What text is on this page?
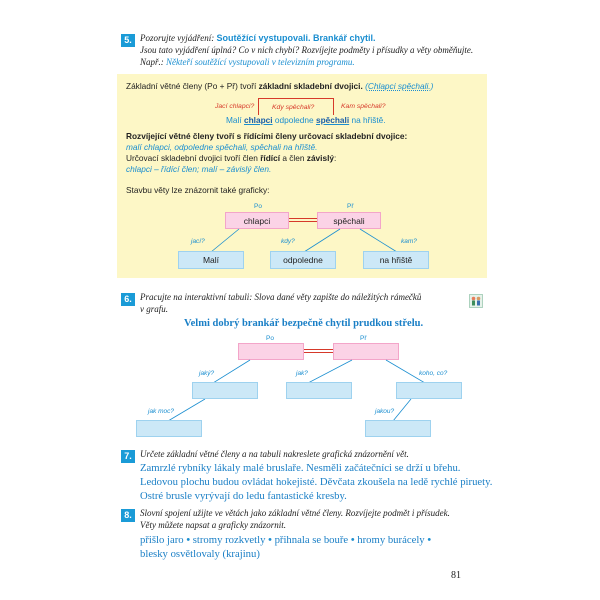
5. Pozorujte vyjádření: Soutěžící vystupovali. Brankář chytil.
Jsou tato vyjádření úplná? Co v nich chybí? Rozvíjejte podměty i přísudky a věty obměňujte.
Např.: Někteří soutěžící vystupovali v televizním programu.
Základní větné členy (Po + Př) tvoří základní skladební dvojici. (Chlapci spěchali.)
Jací chlapci?	Kdy spěchali?	Kam spěchali?
Malí chlapci odpoledne spěchali na hřiště.
Rozvíjející větné členy tvoří s řídícími členy určovací skladební dvojice:
malí chlapci, odpoledne spěchali, spěchali na hřiště.
Určovací skladební dvojici tvoří člen řídící a člen závislý:
chlapci – řídící člen; malí – závislý člen.
Stavbu věty lze znázornit také graficky:
Po	Př
chlapci	spěchali
jací?	kdy?	kam?
Malí	odpoledne	na hřiště
6. Pracujte na interaktivní tabuli: Slova dané věty zapište do náležitých rámečků
v grafu.
Velmi dobrý brankář bezpečně chytil prudkou střelu.
Po	Př
jaký?	jak?	koho, co?
jak moc?	jakou?
7. Určete základní větné členy a na tabuli nakreslete grafická znázornění vět.
Zamrzlé rybníky lákaly malé bruslaře. Nesměli začátečníci se drží u břehu.
Ledovou plochu budou ovládat hokejisté. Děvčata zkoušela na ledě rychlé piruety.
Ostré brusle vyrývají do ledu fantastické kresby.
8. Slovní spojení užijte ve větách jako základní větné členy. Rozvíjejte podmět i přísudek.
Věty můžete napsat a graficky znázornit.
přišlo jaro • stromy rozkvetly • přihnala se bouře • hromy burácely •
blesky osvětlovaly (krajinu)
81
